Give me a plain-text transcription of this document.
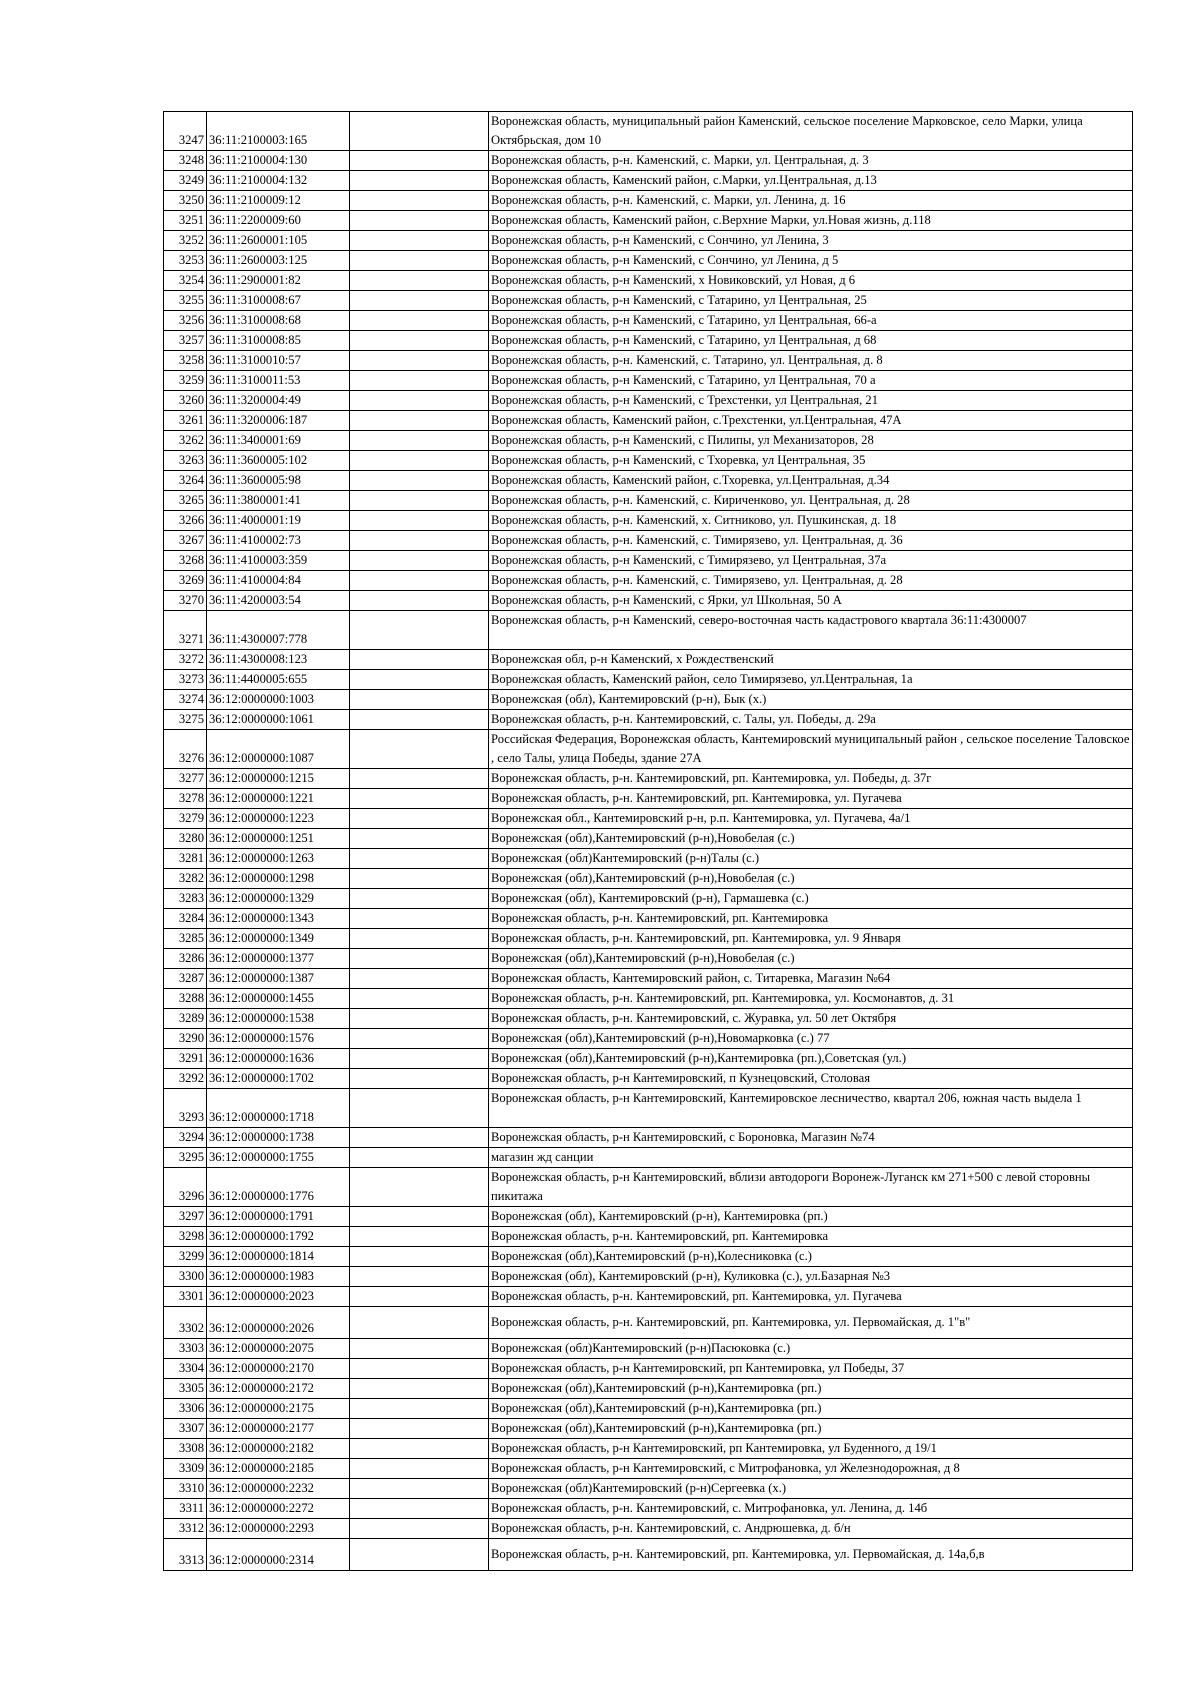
3247	36:11:2100003:165		Воронежская область, муниципальный район Каменский, сельское поселение Марковское, село Марки, улица Октябрьская, дом 10
3248	36:11:2100004:130		Воронежская область, р-н. Каменский, с. Марки, ул. Центральная, д. 3
3249	36:11:2100004:132		Воронежская область, Каменский район, с.Марки, ул.Центральная, д.13
3250	36:11:2100009:12		Воронежская область, р-н. Каменский, с. Марки, ул. Ленина, д. 16
3251	36:11:2200009:60		Воронежская область, Каменский район, с.Верхние Марки, ул.Новая жизнь, д.118
3252	36:11:2600001:105		Воронежская область, р-н Каменский, с Сончино, ул Ленина, 3
3253	36:11:2600003:125		Воронежская область, р-н Каменский, с Сончино, ул Ленина, д 5
3254	36:11:2900001:82		Воронежская область, р-н Каменский, х Новиковский, ул Новая, д 6
3255	36:11:3100008:67		Воронежская область, р-н Каменский, с Татарино, ул Центральная, 25
3256	36:11:3100008:68		Воронежская область, р-н Каменский, с Татарино, ул Центральная, 66-а
3257	36:11:3100008:85		Воронежская область, р-н Каменский, с Татарино, ул Центральная, д 68
3258	36:11:3100010:57		Воронежская область, р-н. Каменский, с. Татарино, ул. Центральная, д. 8
3259	36:11:3100011:53		Воронежская область, р-н Каменский, с Татарино, ул Центральная, 70 а
3260	36:11:3200004:49		Воронежская область, р-н Каменский, с Трехстенки, ул Центральная, 21
3261	36:11:3200006:187		Воронежская область, Каменский район, с.Трехстенки, ул.Центральная, 47А
3262	36:11:3400001:69		Воронежская область, р-н Каменский, с Пилипы, ул Механизаторов, 28
3263	36:11:3600005:102		Воронежская область, р-н Каменский, с Тхоревка, ул Центральная, 35
3264	36:11:3600005:98		Воронежская область, Каменский район, с.Тхоревка, ул.Центральная, д.34
3265	36:11:3800001:41		Воронежская область, р-н. Каменский, с. Кириченково, ул. Центральная, д. 28
3266	36:11:4000001:19		Воронежская область, р-н. Каменский, х. Ситниково, ул. Пушкинская, д. 18
3267	36:11:4100002:73		Воронежская область, р-н. Каменский, с. Тимирязево, ул. Центральная, д. 36
3268	36:11:4100003:359		Воронежская область, р-н Каменский, с Тимирязево, ул Центральная, 37а
3269	36:11:4100004:84		Воронежская область, р-н. Каменский, с. Тимирязево, ул. Центральная, д. 28
3270	36:11:4200003:54		Воронежская область, р-н Каменский, с Ярки, ул Школьная, 50 А
3271	36:11:4300007:778		Воронежская область, р-н Каменский, северо-восточная часть кадастрового квартала 36:11:4300007
3272	36:11:4300008:123		Воронежская обл, р-н Каменский, х Рождественский
3273	36:11:4400005:655		Воронежская область, Каменский район, село Тимирязево, ул.Центральная, 1а
3274	36:12:0000000:1003		Воронежская (обл), Кантемировский (р-н), Бык (х.)
3275	36:12:0000000:1061		Воронежская область, р-н. Кантемировский, с. Талы, ул. Победы, д. 29а
3276	36:12:0000000:1087		Российская Федерация, Воронежская область, Кантемировский муниципальный район , сельское поселение Таловское , село Талы, улица Победы, здание 27А
3277	36:12:0000000:1215		Воронежская область, р-н. Кантемировский, рп. Кантемировка, ул. Победы, д. 37г
3278	36:12:0000000:1221		Воронежская область, р-н. Кантемировский, рп. Кантемировка, ул. Пугачева
3279	36:12:0000000:1223		Воронежская обл., Кантемировский р-н, р.п. Кантемировка, ул. Пугачева, 4а/1
3280	36:12:0000000:1251		Воронежская (обл),Кантемировский (р-н),Новобелая (с.)
3281	36:12:0000000:1263		Воронежская (обл)Кантемировский (р-н)Талы (с.)
3282	36:12:0000000:1298		Воронежская (обл),Кантемировский (р-н),Новобелая (с.)
3283	36:12:0000000:1329		Воронежская (обл), Кантемировский (р-н), Гармашевка (с.)
3284	36:12:0000000:1343		Воронежская область, р-н. Кантемировский, рп. Кантемировка
3285	36:12:0000000:1349		Воронежская область, р-н. Кантемировский, рп. Кантемировка, ул. 9 Января
3286	36:12:0000000:1377		Воронежская (обл),Кантемировский (р-н),Новобелая (с.)
3287	36:12:0000000:1387		Воронежская область, Кантемировский район, с. Титаревка, Магазин №64
3288	36:12:0000000:1455		Воронежская область, р-н. Кантемировский, рп. Кантемировка, ул. Космонавтов, д. 31
3289	36:12:0000000:1538		Воронежская область, р-н. Кантемировский, с. Журавка, ул. 50 лет Октября
3290	36:12:0000000:1576		Воронежская (обл),Кантемировский (р-н),Новомарковка (с.) 77
3291	36:12:0000000:1636		Воронежская (обл),Кантемировский (р-н),Кантемировка (рп.),Советская (ул.)
3292	36:12:0000000:1702		Воронежская область, р-н Кантемировский, п Кузнецовский, Столовая
3293	36:12:0000000:1718		Воронежская область, р-н Кантемировский, Кантемировское лесничество, квартал 206, южная часть выдела 1
3294	36:12:0000000:1738		Воронежская область, р-н Кантемировский, с Бороновка, Магазин №74
3295	36:12:0000000:1755		магазин жд санции
3296	36:12:0000000:1776		Воронежская область, р-н Кантемировский, вблизи автодороги Воронеж-Луганск км 271+500 с левой сторовны пикитажа
3297	36:12:0000000:1791		Воронежская (обл), Кантемировский (р-н), Кантемировка (рп.)
3298	36:12:0000000:1792		Воронежская область, р-н. Кантемировский, рп. Кантемировка
3299	36:12:0000000:1814		Воронежская (обл),Кантемировский (р-н),Колесниковка (с.)
3300	36:12:0000000:1983		Воронежская (обл), Кантемировский (р-н), Куликовка (с.), ул.Базарная №3
3301	36:12:0000000:2023		Воронежская область, р-н. Кантемировский, рп. Кантемировка, ул. Пугачева
3302	36:12:0000000:2026		Воронежская область, р-н. Кантемировский, рп. Кантемировка, ул. Первомайская, д. 1"в"
3303	36:12:0000000:2075		Воронежская (обл)Кантемировский (р-н)Пасюковка (с.)
3304	36:12:0000000:2170		Воронежская область, р-н Кантемировский, рп Кантемировка, ул Победы, 37
3305	36:12:0000000:2172		Воронежская (обл),Кантемировский (р-н),Кантемировка (рп.)
3306	36:12:0000000:2175		Воронежская (обл),Кантемировский (р-н),Кантемировка (рп.)
3307	36:12:0000000:2177		Воронежская (обл),Кантемировский (р-н),Кантемировка (рп.)
3308	36:12:0000000:2182		Воронежская область, р-н Кантемировский, рп Кантемировка, ул Буденного, д 19/1
3309	36:12:0000000:2185		Воронежская область, р-н Кантемировский, с Митрофановка, ул Железнодорожная, д 8
3310	36:12:0000000:2232		Воронежская (обл)Кантемировский (р-н)Сергеевка (х.)
3311	36:12:0000000:2272		Воронежская область, р-н. Кантемировский, с. Митрофановка, ул. Ленина, д. 14б
3312	36:12:0000000:2293		Воронежская область, р-н. Кантемировский, с. Андрюшевка, д. б/н
3313	36:12:0000000:2314		Воронежская область, р-н. Кантемировский, рп. Кантемировка, ул. Первомайская, д. 14а,б,в
